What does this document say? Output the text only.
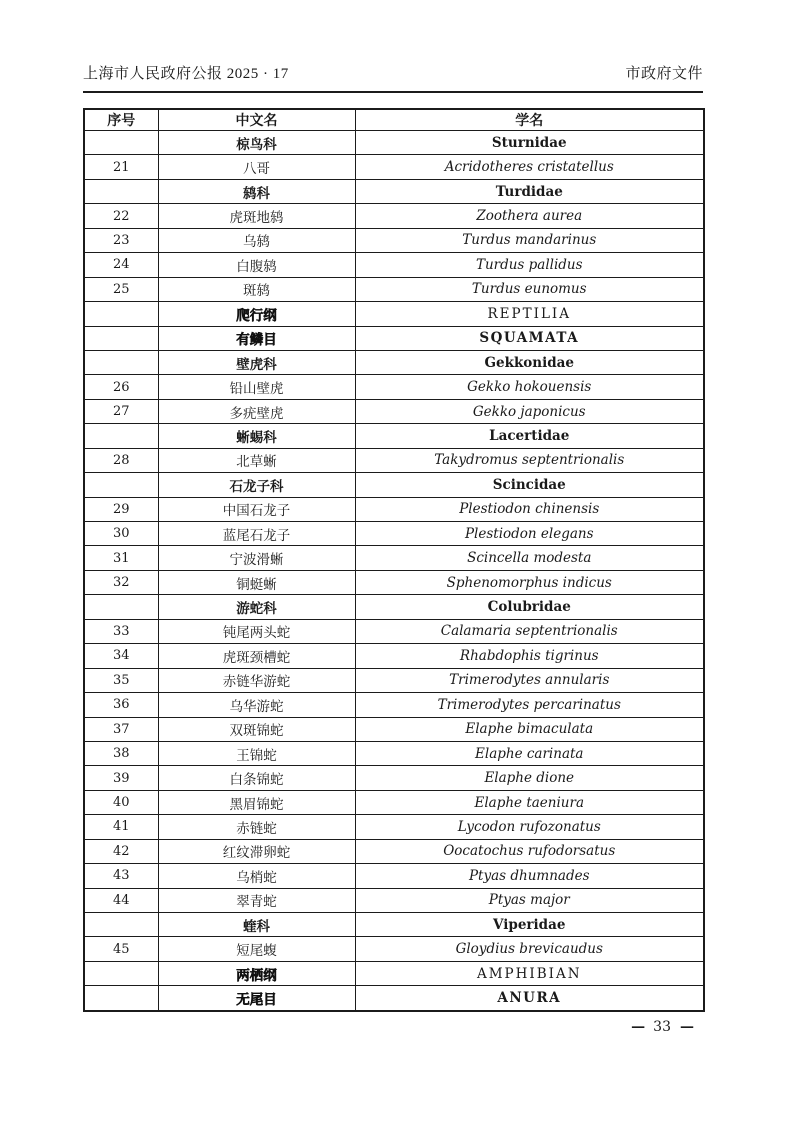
上海市人民政府公报 2025 · 17	市政府文件
序号	中文名	学名
	椋鸟科	Sturnidae
21	八哥	Acridotheres cristatellus
	鸫科	Turdidae
22	虎斑地鸫	Zoothera aurea
23	乌鸫	Turdus mandarinus
24	白腹鸫	Turdus pallidus
25	斑鸫	Turdus eunomus
	爬行纲	REPTILIA
	有鳞目	SQUAMATA
	壁虎科	Gekkonidae
26	铅山壁虎	Gekko hokouensis
27	多疣壁虎	Gekko japonicus
	蜥蜴科	Lacertidae
28	北草蜥	Takydromus septentrionalis
	石龙子科	Scincidae
29	中国石龙子	Plestiodon chinensis
30	蓝尾石龙子	Plestiodon elegans
31	宁波滑蜥	Scincella modesta
32	铜蜓蜥	Sphenomorphus indicus
	游蛇科	Colubridae
33	钝尾两头蛇	Calamaria septentrionalis
34	虎斑颈槽蛇	Rhabdophis tigrinus
35	赤链华游蛇	Trimerodytes annularis
36	乌华游蛇	Trimerodytes percarinatus
37	双斑锦蛇	Elaphe bimaculata
38	王锦蛇	Elaphe carinata
39	白条锦蛇	Elaphe dione
40	黑眉锦蛇	Elaphe taeniura
41	赤链蛇	Lycodon rufozonatus
42	红纹滞卵蛇	Oocatochus rufodorsatus
43	乌梢蛇	Ptyas dhumnades
44	翠青蛇	Ptyas major
	蝰科	Viperidae
45	短尾蝮	Gloydius brevicaudus
	两栖纲	AMPHIBIAN
	无尾目	ANURA
— 33 —
